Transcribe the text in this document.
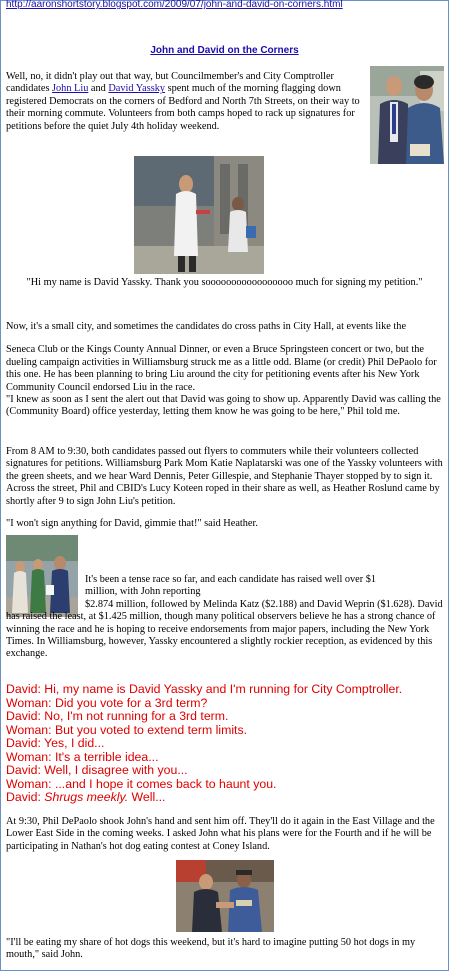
http://aaronshortstory.blogspot.com/2009/07/john-and-david-on-corners.html
John and David on the Corners

Well, no, it didn't play out that way, but Councilmember's and City Comptroller candidates John Liu and David Yassky spent much of the morning flagging down registered Democrats on the corners of Bedford and North 7th Streets, on their way to their morning commute. Volunteers from both camps hoped to rack up signatures for petitions before the quiet July 4th holiday weekend.

"Hi my name is David Yassky. Thank you sooooooooooooooooo much for signing my petition."

Now, it's a small city, and sometimes the candidates do cross paths in City Hall, at events like the
Seneca Club or the Kings County Annual Dinner, or even a Bruce Springsteen concert or two, but the dueling campaign activities in Williamsburg struck me as a little odd. Blame (or credit) Phil DePaolo for this one. He has been planning to bring Liu around the city for petitioning events after his New York Community Council endorsed Liu in the race.
"I knew as soon as I sent the alert out that David was going to show up. Apparently David was calling the (Community Board) office yesterday, letting them know he was going to be here," Phil told me.

From 8 AM to 9:30, both candidates passed out flyers to commuters while their volunteers collected signatures for petitions. Williamsburg Park Mom Katie Naplatarski was one of the Yassky volunteers with the green sheets, and we hear Ward Dennis, Peter Gillespie, and Stephanie Thayer stopped by to sign it. Across the street, Phil and CBID's Lucy Koteen roped in their share as well, as Heather Roslund came by shortly after 9 to sign John Liu's petition.

"I won't sign anything for David, gimmie that!" said Heather.

It's been a tense race so far, and each candidate has raised well over $1
million, with John reporting
$2.874 million, followed by Melinda Katz ($2.188) and David Weprin ($1.628). David has raised the least, at $1.425 million, though many political observers believe he has a strong chance of winning the race and he is hoping to receive endorsements from major papers, including the New York Times. In Williamsburg, however, Yassky encountered a slightly rockier reception, as evidenced by this exchange.

David: Hi, my name is David Yassky and I'm running for City Comptroller.
Woman: Did you vote for a 3rd term?
David: No, I'm not running for a 3rd term.
Woman: But you voted to extend term limits.
David: Yes, I did...
Woman: It's a terrible idea...
David: Well, I disagree with you...
Woman: ...and I hope it comes back to haunt you.
David: Shrugs meekly. Well...

At 9:30, Phil DePaolo shook John's hand and sent him off. They'll do it again in the East Village and the Lower East Side in the coming weeks. I asked John what his plans were for the Fourth and if he will be participating in Nathan's hot dog eating contest at Coney Island.

"I'll be eating my share of hot dogs this weekend, but it's hard to imagine putting 50 hot dogs in my mouth," said John.
